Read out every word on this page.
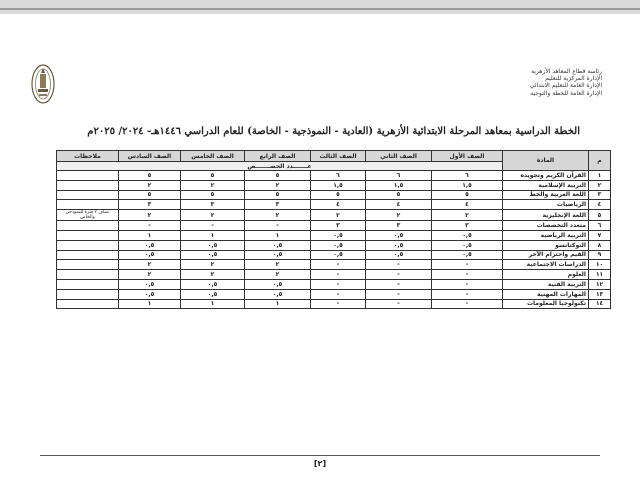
رئاسة قطاع المعاهد الأزهرية
الإدارة المركزية للتعليم
الإدارة العامة للتعليم الابتدائي
الإدارة العامة للخطة والتوجيه
الخطة الدراسية بمعاهد المرحلة الابتدائية الأزهرية (العادية - النموذجية - الخاصة) للعام الدراسي ١٤٤٦هـ- ٢٠٢٤/ ٢٠٢٥م
م	المادة	الصف الأول	الصف الثاني	الصف الثالث	الصف الرابع	الصف الخامس	الصف السادس	ملاحظات
		عـــــــدد الحصـــــــص						
١	القرآن الكريم وتجويده	٦	٦	٦	٥	٥	٥	
٢	التربية الإسلامية	١,٥	١,٥	١,٥	٢	٢	٢	
٣	اللغة العربية والخط	٥	٥	٥	٥	٥	٥	
٤	الرياضيات	٤	٤	٤	٣	٣	٣	
٥	اللغة الإنجليزية	٢	٢	٢	٢	٢	٢	تضاف ٢ فترة للنموذجي والخاص
٦	متعدد التخصصات	٣	٣	٣	-	-	-	
٧	التربية الرياضية	٠,٥	٠,٥	٠,٥	١	١	١	
٨	التوكتاتسو	٠,٥	٠,٥	٠,٥	٠,٥	٠,٥	٠,٥	
٩	القيم واحترام الآخر	٠,٥	٠,٥	٠,٥	٠,٥	٠,٥	٠,٥	
١٠	الدراسات الاجتماعية	-	-	-	٢	٢	٢	
١١	العلوم	-	-	-	٢	٢	٢	
١٢	التربية الفنية	-	-	-	٠,٥	٠,٥	٠,٥	
١٣	المهارات المهنية	-	-	-	٠,٥	٠,٥	٠,٥	
١٤	تكنولوجيا المعلومات	-	-	-	١	١	١	
[٢]
